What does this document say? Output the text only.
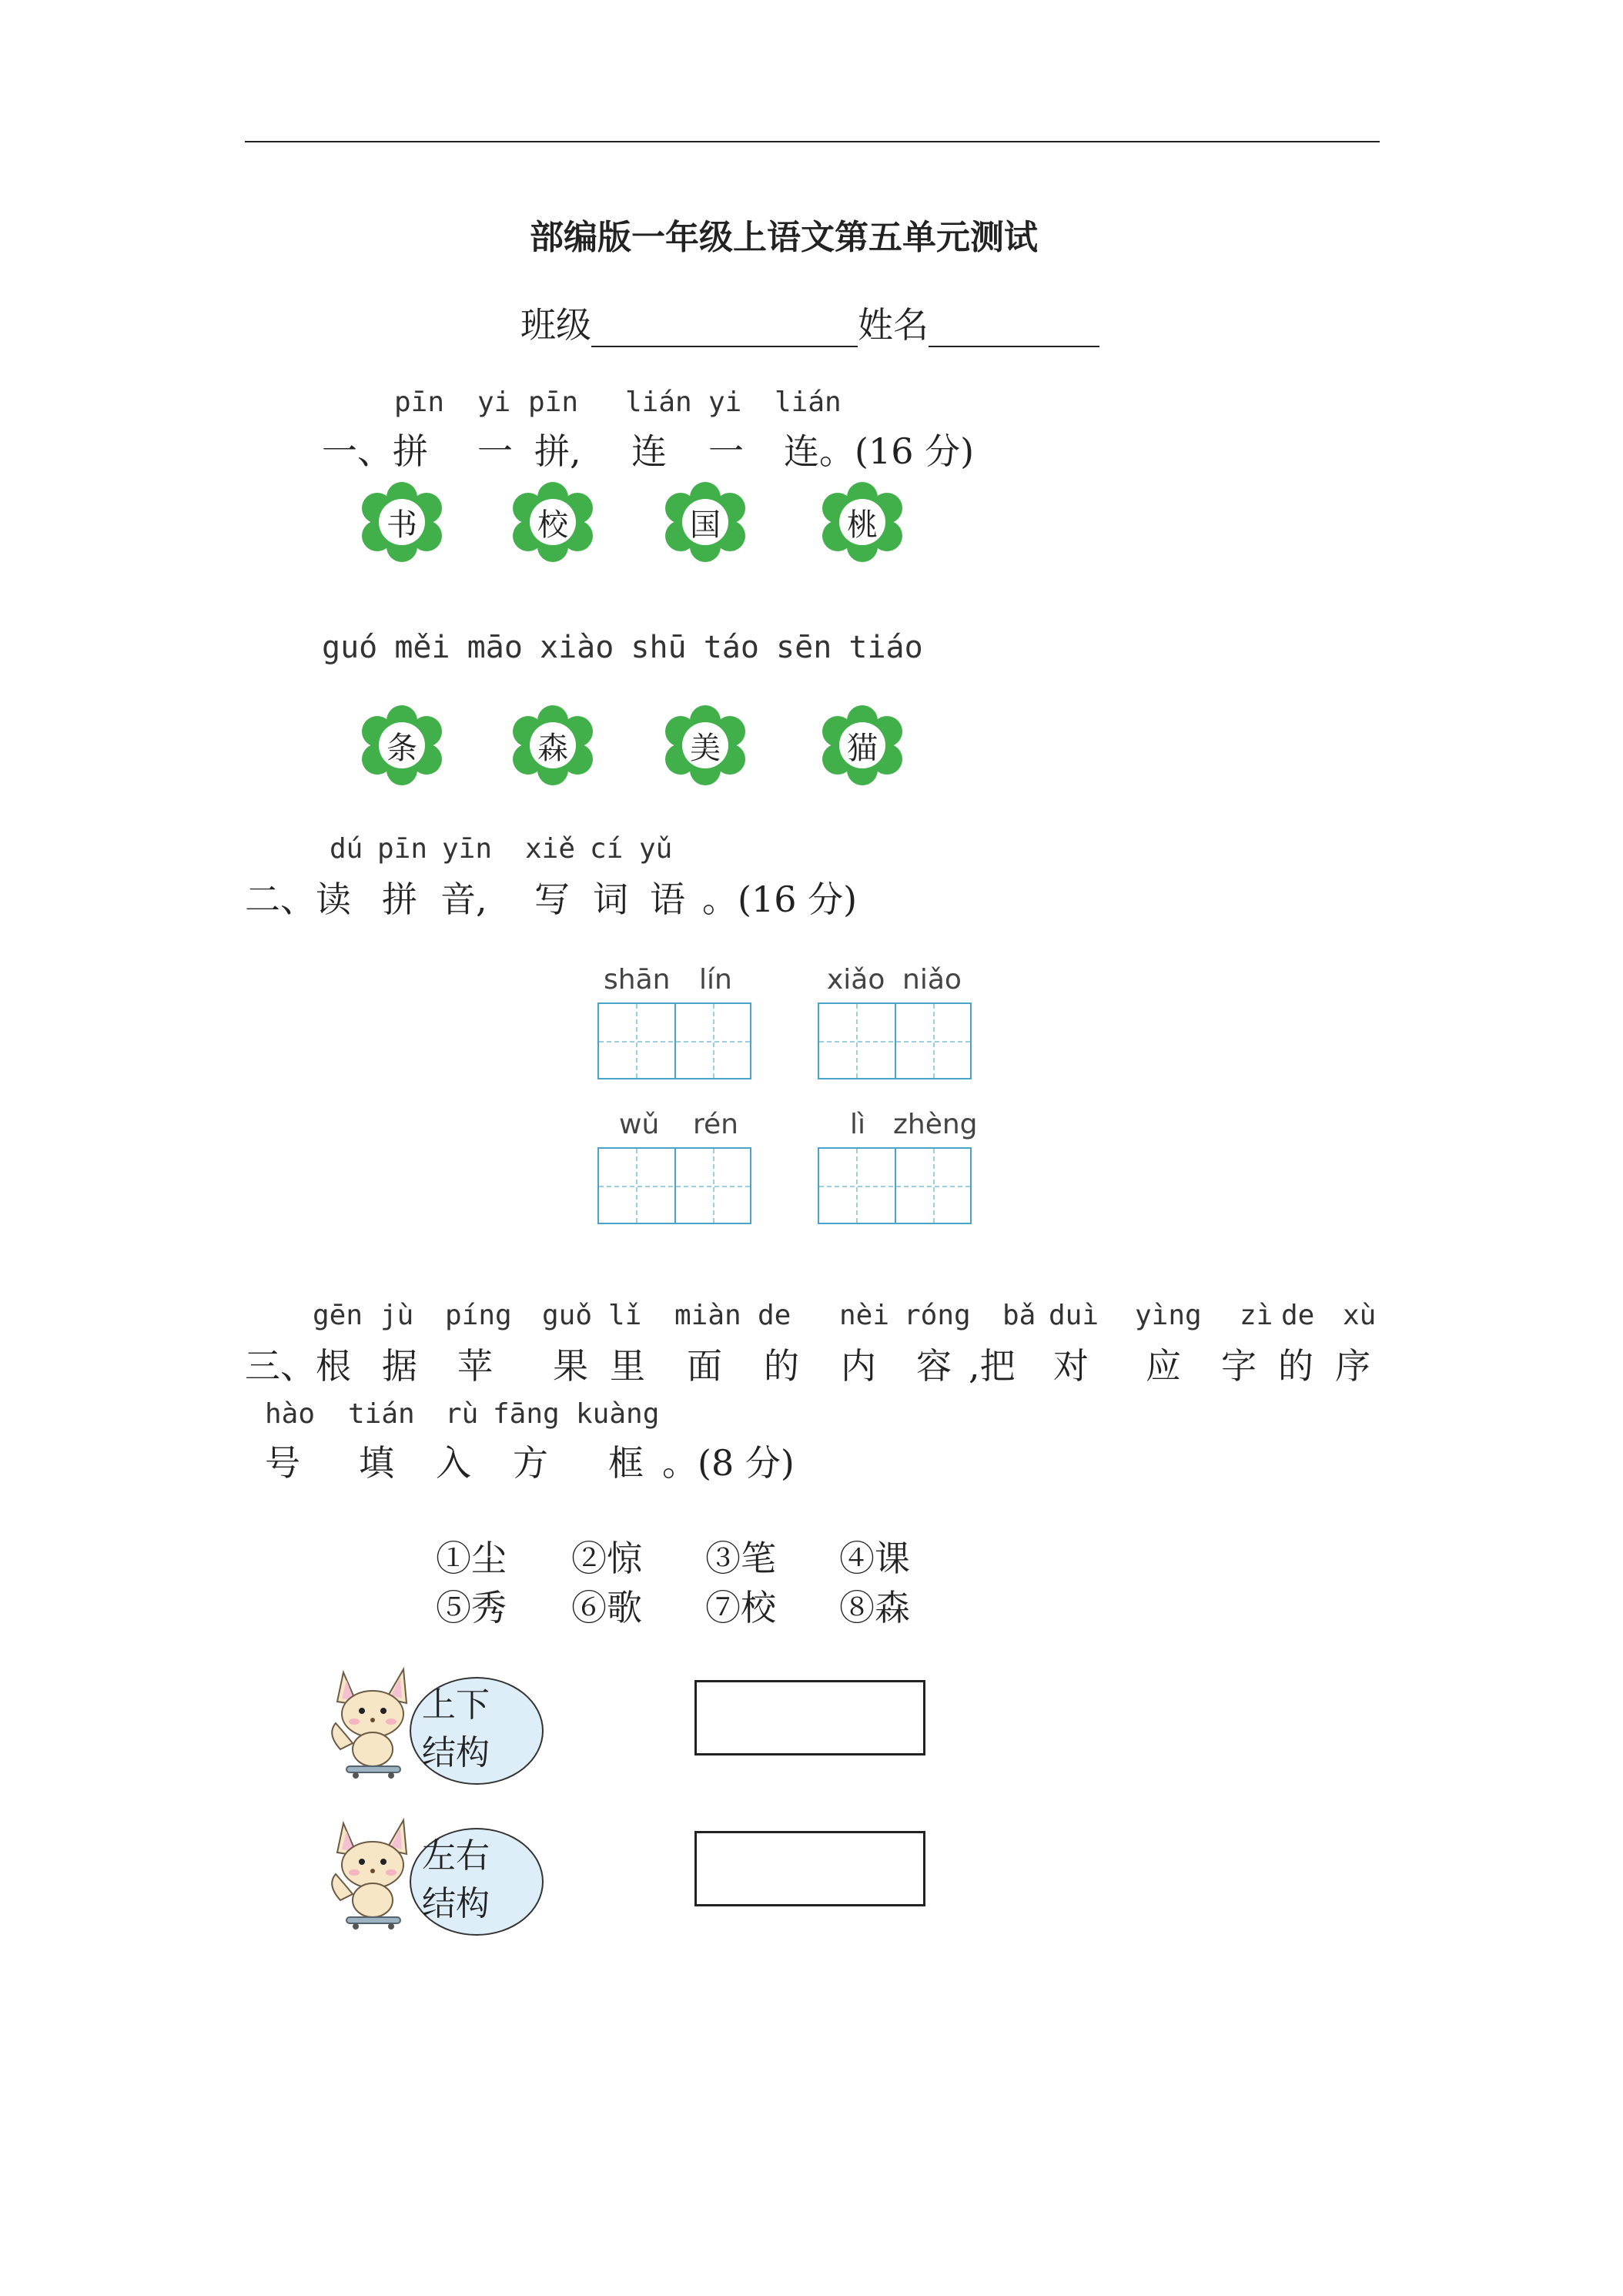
部编版一年级上语文第五单元测试
班级	姓名
pīn yi pīn lián yi lián
一、拼 一 拼, 连 一 连。(16 分)
书	校	国	桃
guó měi māo xiào shū táo sēn tiáo
条	森	美	猫
dú pīn yīn xiě cí yǔ
二、读 拼 音, 写 词 语 。(16 分)
shān lín	xiǎo niǎo
wǔ rén	lì zhèng
gēn jù píng guǒ lǐ miàn de nèi róng bǎ duì yìng zì de xù
三、根 据 苹 果 里 面 的 内 容 ,把 对 应 字 的 序
hào tián rù fāng kuàng
号 填 入 方 框 。(8 分)
①尘 ②惊 ③笔 ④课
⑤秀 ⑥歌 ⑦校 ⑧森
上下
结构
左右
结构
